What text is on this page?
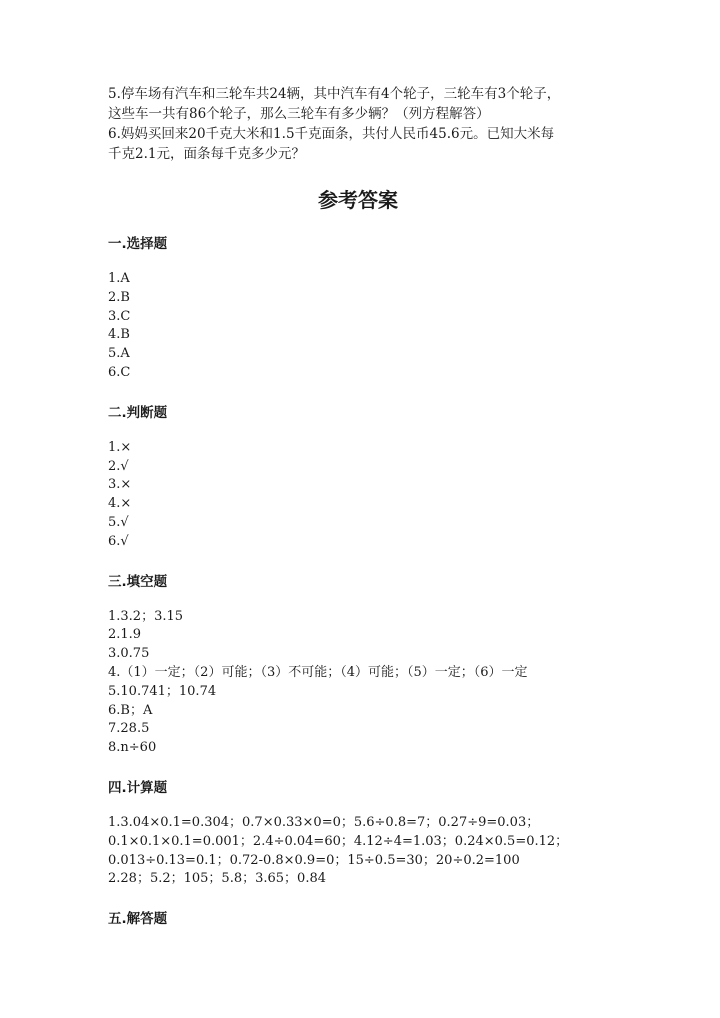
5.停车场有汽车和三轮车共24辆，其中汽车有4个轮子，三轮车有3个轮子，

这些车一共有86个轮子，那么三轮车有多少辆？（列方程解答）

6.妈妈买回来20千克大米和1.5千克面条，共付人民币45.6元。已知大米每

千克2.1元，面条每千克多少元？

参考答案
一.选择题
1.A
2.B
3.C
4.B
5.A
6.C
二.判断题
1.×
2.√
3.×
4.×
5.√
6.√
三.填空题
1.3.2；3.15
2.1.9
3.0.75
4.（1）一定；（2）可能；（3）不可能；（4）可能；（5）一定；（6）一定
5.10.741；10.74
6.B；A
7.28.5
8.n÷60
四.计算题
1.3.04×0.1=0.304；0.7×0.33×0=0；5.6÷0.8=7；0.27÷9=0.03；
0.1×0.1×0.1=0.001；2.4÷0.04=60；4.12÷4=1.03；0.24×0.5=0.12；
0.013÷0.13=0.1；0.72-0.8×0.9=0；15÷0.5=30；20÷0.2=100
2.28；5.2；105；5.8；3.65；0.84
五.解答题
